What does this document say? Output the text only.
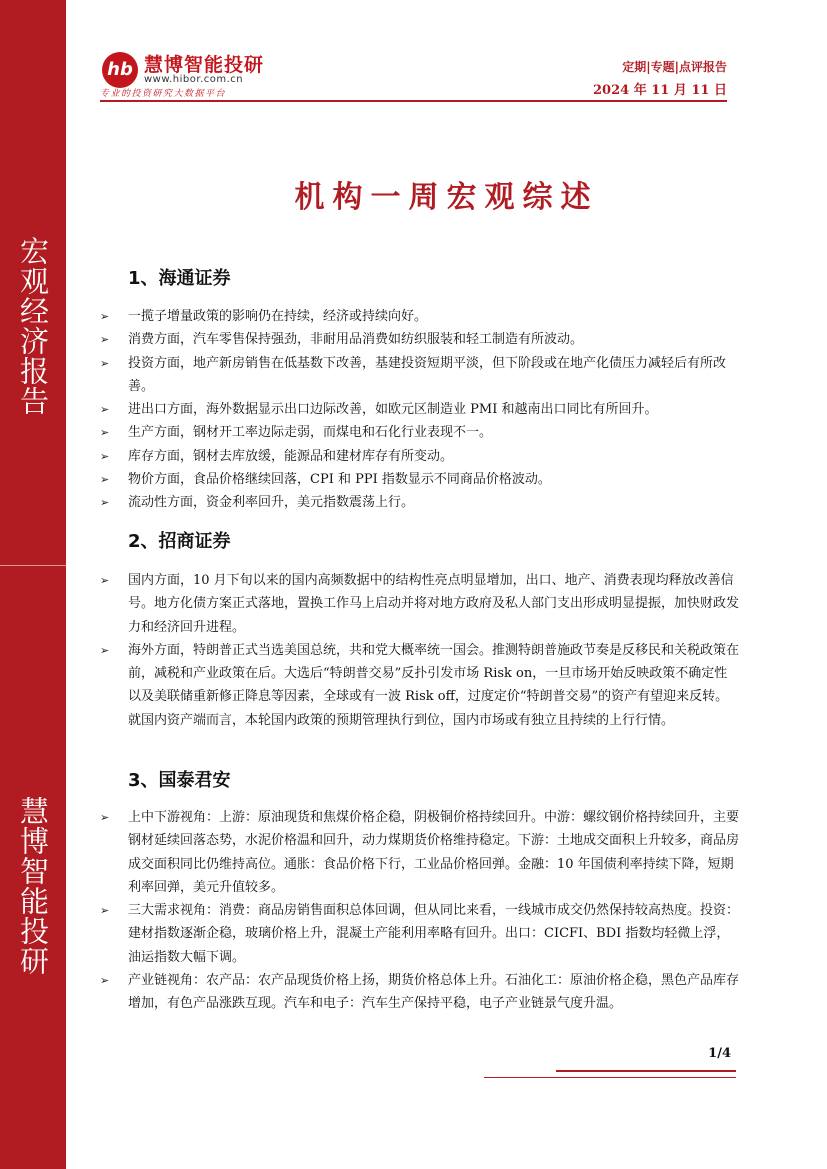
宏观经济报告
慧博智能投研
hb 慧博智能投研
www.hibor.com.cn
专业的投资研究大数据平台
定期|专题|点评报告
2024 年 11 月 11 日
机构一周宏观综述
1、海通证券
➢ 一揽子增量政策的影响仍在持续，经济或持续向好。
➢ 消费方面，汽车零售保持强劲，非耐用品消费如纺织服装和轻工制造有所波动。
➢ 投资方面，地产新房销售在低基数下改善，基建投资短期平淡，但下阶段或在地产化债压力减轻后有所改善。
➢ 进出口方面，海外数据显示出口边际改善，如欧元区制造业 PMI 和越南出口同比有所回升。
➢ 生产方面，钢材开工率边际走弱，而煤电和石化行业表现不一。
➢ 库存方面，钢材去库放缓，能源品和建材库存有所变动。
➢ 物价方面，食品价格继续回落，CPI 和 PPI 指数显示不同商品价格波动。
➢ 流动性方面，资金利率回升，美元指数震荡上行。
2、招商证券
➢ 国内方面，10 月下旬以来的国内高频数据中的结构性亮点明显增加，出口、地产、消费表现均释放改善信号。地方化债方案正式落地，置换工作马上启动并将对地方政府及私人部门支出形成明显提振，加快财政发力和经济回升进程。
➢ 海外方面，特朗普正式当选美国总统，共和党大概率统一国会。推测特朗普施政节奏是反移民和关税政策在前，减税和产业政策在后。大选后“特朗普交易”反扑引发市场 Risk on，一旦市场开始反映政策不确定性以及美联储重新修正降息等因素，全球或有一波 Risk off，过度定价“特朗普交易”的资产有望迎来反转。就国内资产端而言，本轮国内政策的预期管理执行到位，国内市场或有独立且持续的上行行情。
3、国泰君安
➢ 上中下游视角：上游：原油现货和焦煤价格企稳，阴极铜价格持续回升。中游：螺纹钢价格持续回升，主要钢材延续回落态势，水泥价格温和回升，动力煤期货价格维持稳定。下游：土地成交面积上升较多，商品房成交面积同比仍维持高位。通胀：食品价格下行，工业品价格回弹。金融：10 年国债利率持续下降，短期利率回弹，美元升值较多。
➢ 三大需求视角：消费：商品房销售面积总体回调，但从同比来看，一线城市成交仍然保持较高热度。投资：建材指数逐渐企稳，玻璃价格上升，混凝土产能利用率略有回升。出口：CICFI、BDI 指数均轻微上浮，油运指数大幅下调。
➢ 产业链视角：农产品：农产品现货价格上扬，期货价格总体上升。石油化工：原油价格企稳，黑色产品库存增加，有色产品涨跌互现。汽车和电子：汽车生产保持平稳，电子产业链景气度升温。
1/4
